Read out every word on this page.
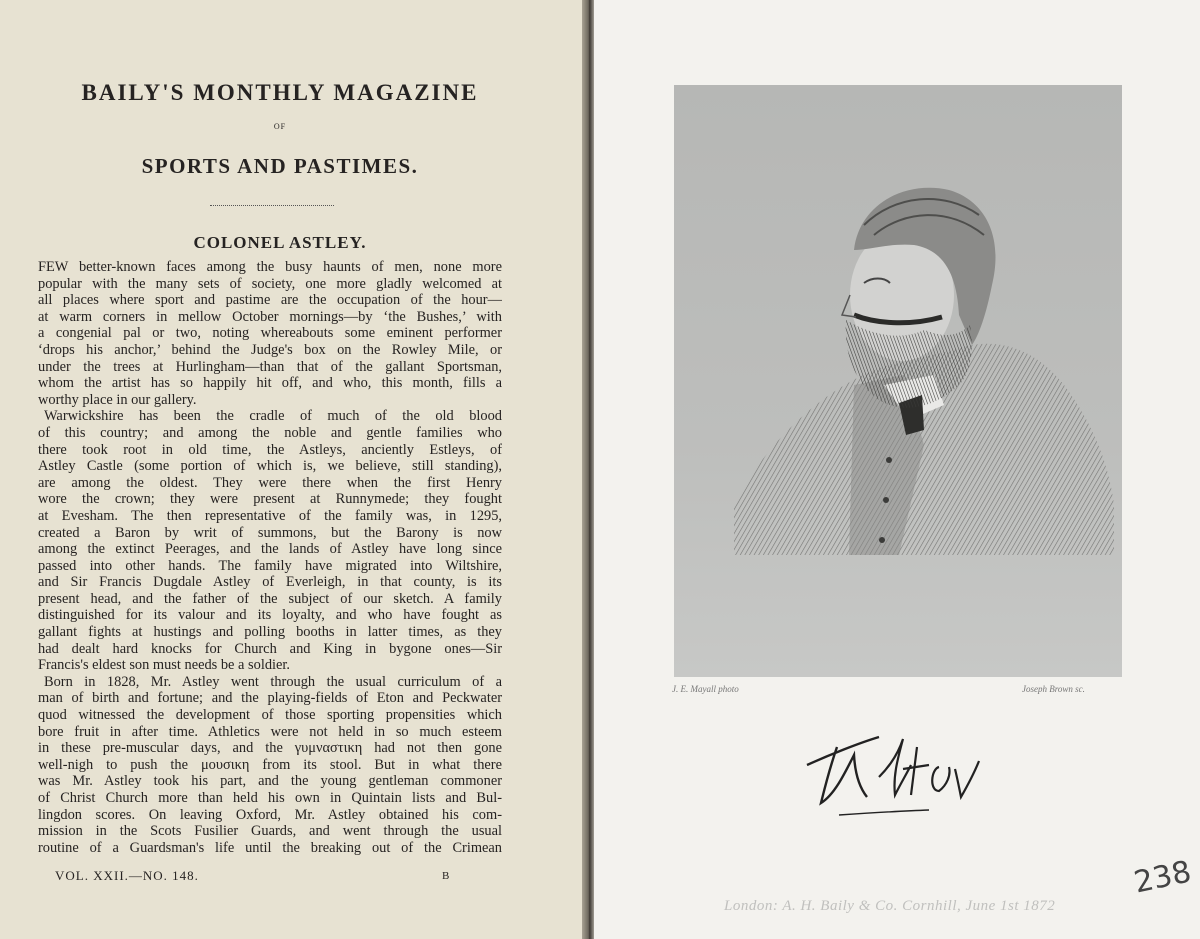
BAILY'S MONTHLY MAGAZINE
OF
SPORTS AND PASTIMES.
COLONEL ASTLEY.
FEW better-known faces among the busy haunts of men, none more
popular with the many sets of society, one more gladly welcomed at
all places where sport and pastime are the occupation of the hour—
at warm corners in mellow October mornings—by ‘the Bushes,’ with
a congenial pal or two, noting whereabouts some eminent performer
‘drops his anchor,’ behind the Judge's box on the Rowley Mile, or
under the trees at Hurlingham—than that of the gallant Sportsman,
whom the artist has so happily hit off, and who, this month, fills a
worthy place in our gallery.
Warwickshire has been the cradle of much of the old blood
of this country; and among the noble and gentle families who
there took root in old time, the Astleys, anciently Estleys, of
Astley Castle (some portion of which is, we believe, still standing),
are among the oldest. They were there when the first Henry
wore the crown; they were present at Runnymede; they fought
at Evesham. The then representative of the family was, in 1295,
created a Baron by writ of summons, but the Barony is now
among the extinct Peerages, and the lands of Astley have long since
passed into other hands. The family have migrated into Wiltshire,
and Sir Francis Dugdale Astley of Everleigh, in that county, is its
present head, and the father of the subject of our sketch. A family
distinguished for its valour and its loyalty, and who have fought as
gallant fights at hustings and polling booths in latter times, as they
had dealt hard knocks for Church and King in bygone ones—Sir
Francis's eldest son must needs be a soldier.
Born in 1828, Mr. Astley went through the usual curriculum of a
man of birth and fortune; and the playing-fields of Eton and Peckwater
quod witnessed the development of those sporting propensities which
bore fruit in after time. Athletics were not held in so much esteem
in these pre-muscular days, and the γυμναστικη had not then gone
well-nigh to push the μουσικη from its stool. But in what there
was Mr. Astley took his part, and the young gentleman commoner
of Christ Church more than held his own in Quintain lists and Bul-
lingdon scores. On leaving Oxford, Mr. Astley obtained his com-
mission in the Scots Fusilier Guards, and went through the usual
routine of a Guardsman's life until the breaking out of the Crimean
VOL. XXII.—NO. 148.	B
J. E. Mayall photo	Joseph Brown sc.
London: A. H. Baily & Co. Cornhill, June 1st 1872
238
